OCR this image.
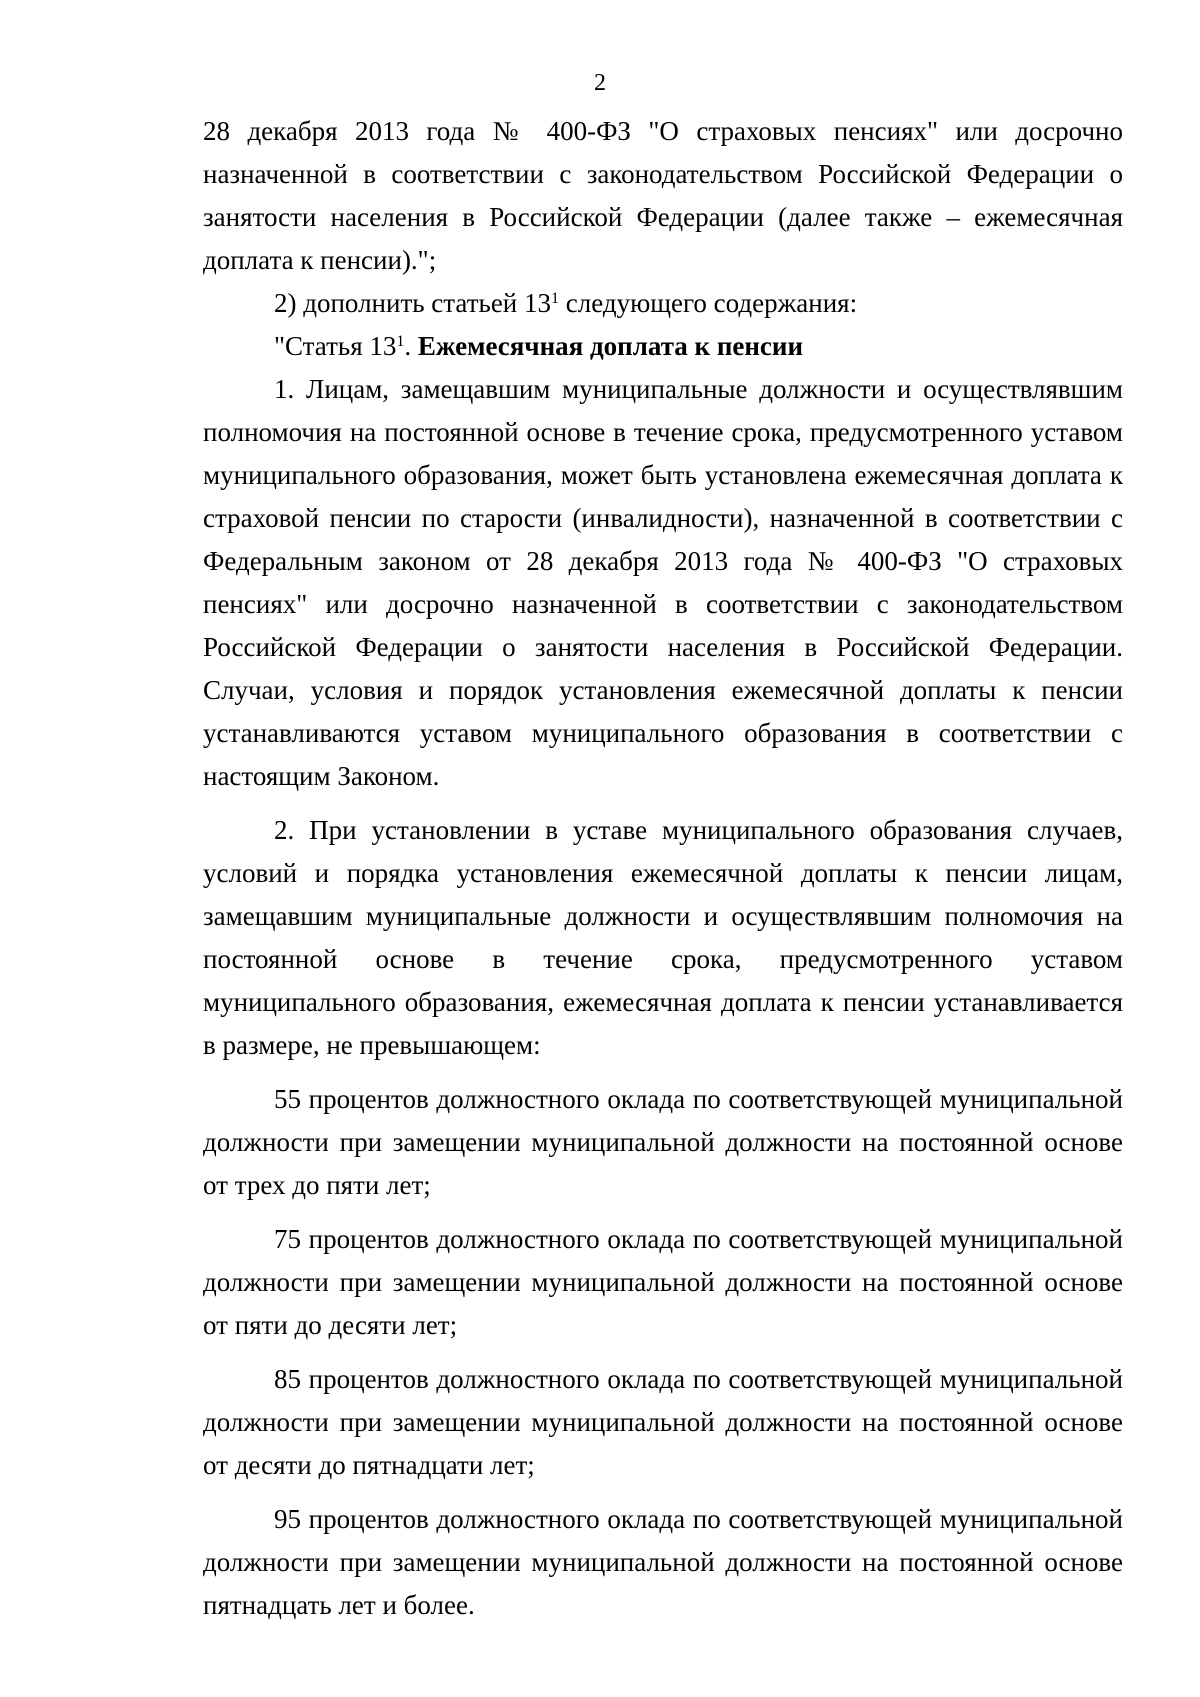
2

28 декабря 2013 года № 400-ФЗ "О страховых пенсиях" или досрочно назначенной в соответствии с законодательством Российской Федерации о занятости населения в Российской Федерации (далее также – ежемесячная доплата к пенсии).";

2) дополнить статьей $13^1$ следующего содержания:

"Статья $13^1$. Ежемесячная доплата к пенсии

1. Лицам, замещавшим муниципальные должности и осуществлявшим полномочия на постоянной основе в течение срока, предусмотренного уставом муниципального образования, может быть установлена ежемесячная доплата к страховой пенсии по старости (инвалидности), назначенной в соответствии с Федеральным законом от 28 декабря 2013 года № 400-ФЗ "О страховых пенсиях" или досрочно назначенной в соответствии с законодательством Российской Федерации о занятости населения в Российской Федерации. Случаи, условия и порядок установления ежемесячной доплаты к пенсии устанавливаются уставом муниципального образования в соответствии с настоящим Законом.

2. При установлении в уставе муниципального образования случаев, условий и порядка установления ежемесячной доплаты к пенсии лицам, замещавшим муниципальные должности и осуществлявшим полномочия на постоянной основе в течение срока, предусмотренного уставом муниципального образования, ежемесячная доплата к пенсии устанавливается в размере, не превышающем:

55 процентов должностного оклада по соответствующей муниципальной должности при замещении муниципальной должности на постоянной основе от трех до пяти лет;

75 процентов должностного оклада по соответствующей муниципальной должности при замещении муниципальной должности на постоянной основе от пяти до десяти лет;

85 процентов должностного оклада по соответствующей муниципальной должности при замещении муниципальной должности на постоянной основе от десяти до пятнадцати лет;

95 процентов должностного оклада по соответствующей муниципальной должности при замещении муниципальной должности на постоянной основе пятнадцать лет и более.
